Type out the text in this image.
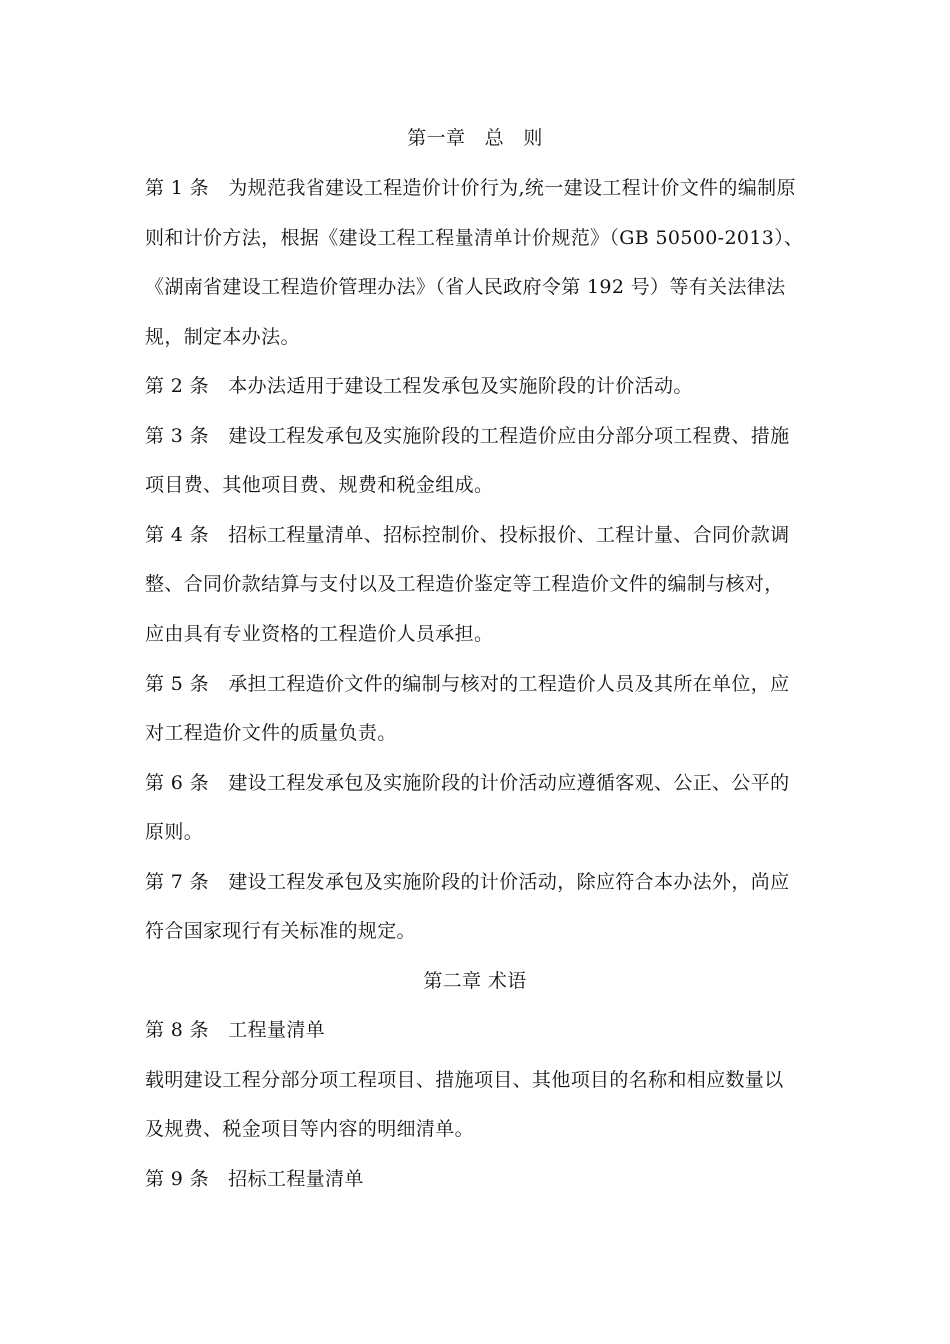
第一章　总　则
第 1 条　为规范我省建设工程造价计价行为,统一建设工程计价文件的编制原
则和计价方法，根据《建设工程工程量清单计价规范》（GB 50500-2013）、
《湖南省建设工程造价管理办法》（省人民政府令第 192 号）等有关法律法
规，制定本办法。
第 2 条　本办法适用于建设工程发承包及实施阶段的计价活动。
第 3 条　建设工程发承包及实施阶段的工程造价应由分部分项工程费、措施
项目费、其他项目费、规费和税金组成。
第 4 条　招标工程量清单、招标控制价、投标报价、工程计量、合同价款调
整、合同价款结算与支付以及工程造价鉴定等工程造价文件的编制与核对，
应由具有专业资格的工程造价人员承担。
第 5 条　承担工程造价文件的编制与核对的工程造价人员及其所在单位，应
对工程造价文件的质量负责。
第 6 条　建设工程发承包及实施阶段的计价活动应遵循客观、公正、公平的
原则。
第 7 条　建设工程发承包及实施阶段的计价活动，除应符合本办法外，尚应
符合国家现行有关标准的规定。
第二章 术语
第 8 条　工程量清单
载明建设工程分部分项工程项目、措施项目、其他项目的名称和相应数量以
及规费、税金项目等内容的明细清单。
第 9 条　招标工程量清单
